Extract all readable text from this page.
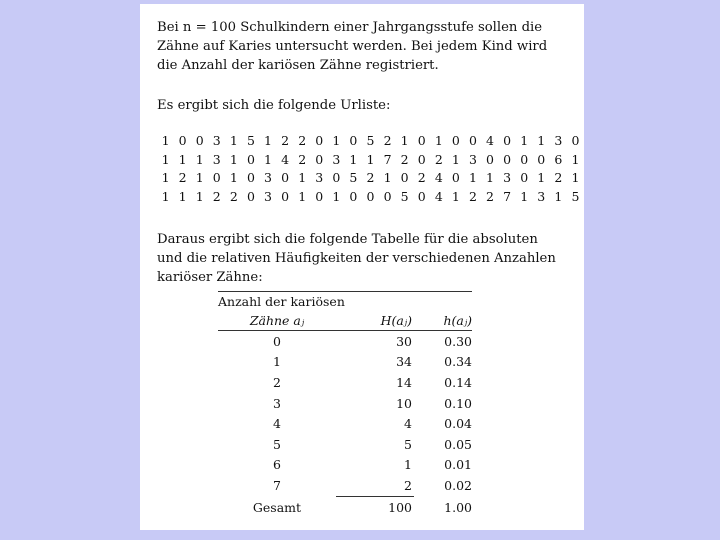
Bei n = 100 Schulkindern einer Jahrgangsstufe sollen die Zähne auf Karies untersucht werden. Bei jedem Kind wird die Anzahl der kariösen Zähne registriert.

Es ergibt sich die folgende Urliste:

1	0	0	3	1	5	1	2	2	0	1	0	5	2	1	0	1	0	0	4	0	1	1	3	0
1	1	1	3	1	0	1	4	2	0	3	1	1	7	2	0	2	1	3	0	0	0	0	6	1
1	2	1	0	1	0	3	0	1	3	0	5	2	1	0	2	4	0	1	1	3	0	1	2	1
1	1	1	2	2	0	3	0	1	0	1	0	0	0	5	0	4	1	2	2	7	1	3	1	5

Daraus ergibt sich die folgende Tabelle für die absoluten und die relativen Häufigkeiten der verschiedenen Anzahlen kariöser Zähne:

Anzahl der kariösen		
Zähne aⱼ	H(aⱼ)	h(aⱼ)
0	30	0.30
1	34	0.34
2	14	0.14
3	10	0.10
4	4	0.04
5	5	0.05
6	1	0.01
7	2	0.02
Gesamt	100	1.00
